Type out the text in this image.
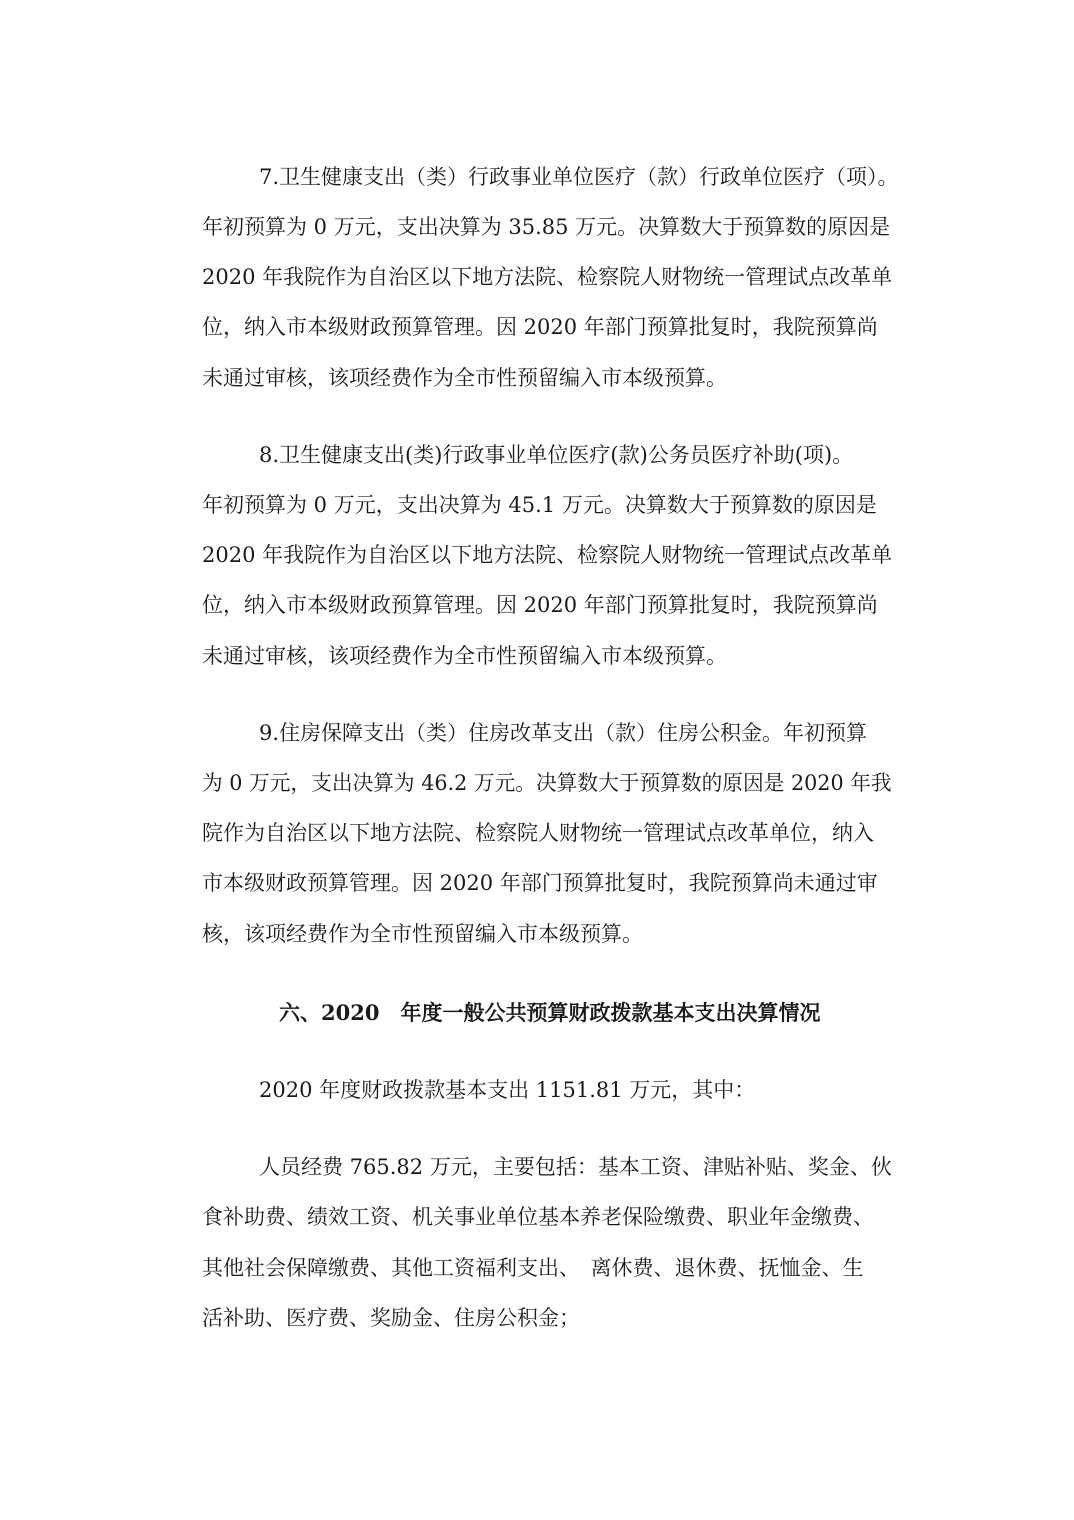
7.卫生健康支出（类）行政事业单位医疗（款）行政单位医疗（项）。
年初预算为 0 万元，支出决算为 35.85 万元。决算数大于预算数的原因是
2020 年我院作为自治区以下地方法院、检察院人财物统一管理试点改革单
位，纳入市本级财政预算管理。因 2020 年部门预算批复时，我院预算尚
未通过审核，该项经费作为全市性预留编入市本级预算。
8.卫生健康支出(类)行政事业单位医疗(款)公务员医疗补助(项)。
年初预算为 0 万元，支出决算为 45.1 万元。决算数大于预算数的原因是
2020 年我院作为自治区以下地方法院、检察院人财物统一管理试点改革单
位，纳入市本级财政预算管理。因 2020 年部门预算批复时，我院预算尚
未通过审核，该项经费作为全市性预留编入市本级预算。
9.住房保障支出（类）住房改革支出（款）住房公积金。年初预算
为 0 万元，支出决算为 46.2 万元。决算数大于预算数的原因是 2020 年我
院作为自治区以下地方法院、检察院人财物统一管理试点改革单位，纳入
市本级财政预算管理。因 2020 年部门预算批复时，我院预算尚未通过审
核，该项经费作为全市性预留编入市本级预算。
六、2020　年度一般公共预算财政拨款基本支出决算情况
2020 年度财政拨款基本支出 1151.81 万元，其中：
人员经费 765.82 万元，主要包括：基本工资、津贴补贴、奖金、伙
食补助费、绩效工资、机关事业单位基本养老保险缴费、职业年金缴费、
其他社会保障缴费、其他工资福利支出、　离休费、退休费、抚恤金、生
活补助、医疗费、奖励金、住房公积金；
